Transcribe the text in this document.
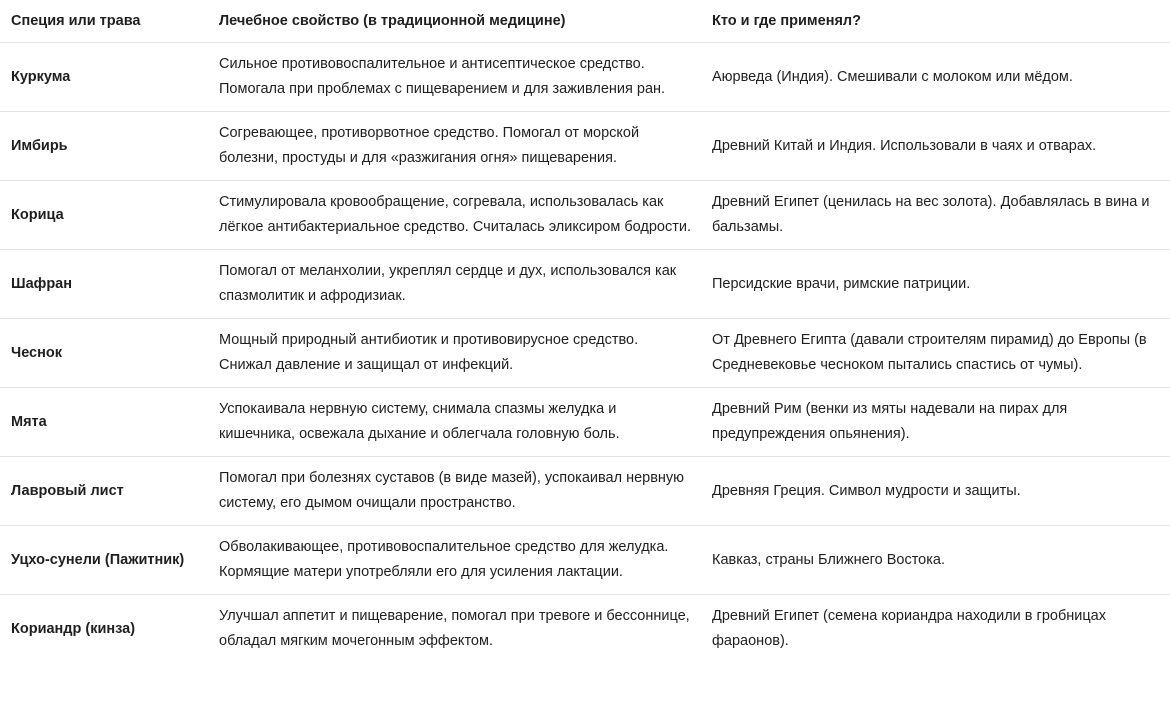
Специя или трава	Лечебное свойство (в традиционной медицине)	Кто и где применял?
Куркума	Сильное противовоспалительное и антисептическое средство. Помогала при проблемах с пищеварением и для заживления ран.	Аюрведа (Индия). Смешивали с молоком или мёдом.
Имбирь	Согревающее, противорвотное средство. Помогал от морской болезни, простуды и для «разжигания огня» пищеварения.	Древний Китай и Индия. Использовали в чаях и отварах.
Корица	Стимулировала кровообращение, согревала, использовалась как лёгкое антибактериальное средство. Считалась эликсиром бодрости.	Древний Египет (ценилась на вес золота). Добавлялась в вина и бальзамы.
Шафран	Помогал от меланхолии, укреплял сердце и дух, использовался как спазмолитик и афродизиак.	Персидские врачи, римские патриции.
Чеснок	Мощный природный антибиотик и противовирусное средство. Снижал давление и защищал от инфекций.	От Древнего Египта (давали строителям пирамид) до Европы (в Средневековье чесноком пытались спастись от чумы).
Мята	Успокаивала нервную систему, снимала спазмы желудка и кишечника, освежала дыхание и облегчала головную боль.	Древний Рим (венки из мяты надевали на пирах для предупреждения опьянения).
Лавровый лист	Помогал при болезнях суставов (в виде мазей), успокаивал нервную систему, его дымом очищали пространство.	Древняя Греция. Символ мудрости и защиты.
Уцхо-сунели (Пажитник)	Обволакивающее, противовоспалительное средство для желудка. Кормящие матери употребляли его для усиления лактации.	Кавказ, страны Ближнего Востока.
Кориандр (кинза)	Улучшал аппетит и пищеварение, помогал при тревоге и бессоннице, обладал мягким мочегонным эффектом.	Древний Египет (семена кориандра находили в гробницах фараонов).
